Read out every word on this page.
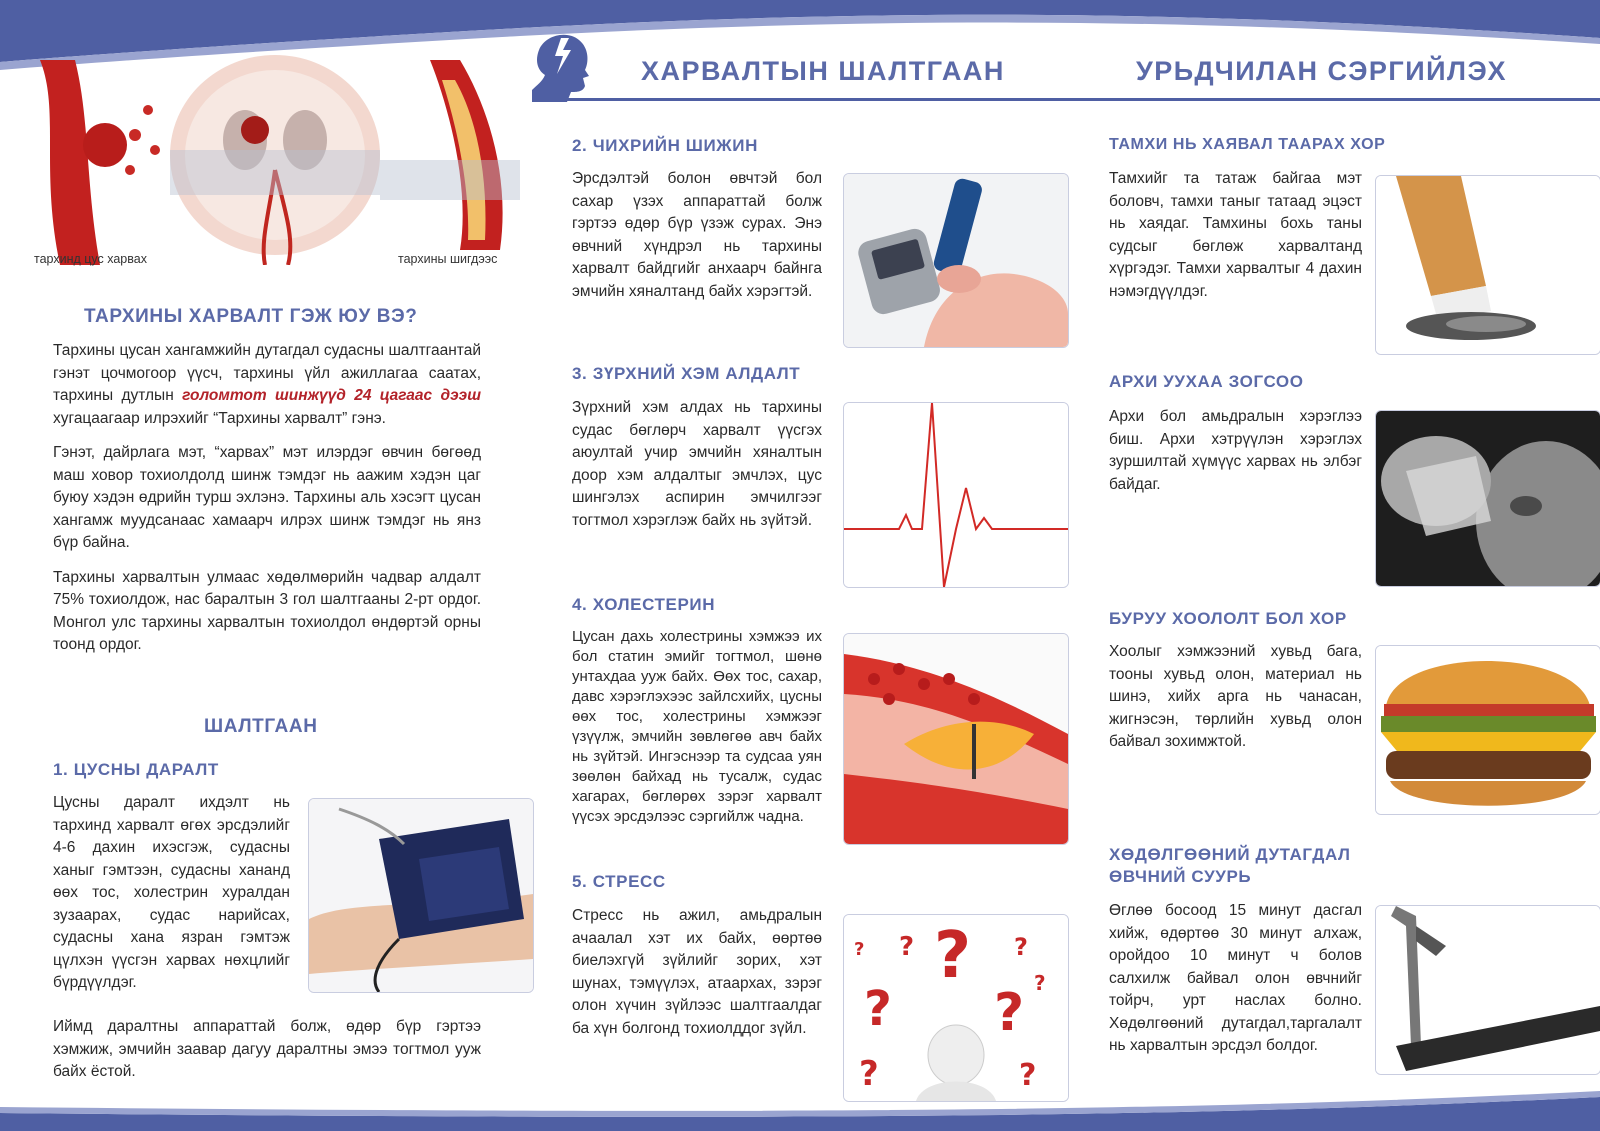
тархинд цус харвах	тархины шигдээс
ТАРХИНЫ ХАРВАЛТ ГЭЖ ЮУ ВЭ?

Тархины цусан хангамжийн дутагдал судасны шалтгаантай гэнэт цочмогоор үүсч, тархины үйл ажиллагаа саатах, тархины дутлын голомтот шинжүүд 24 цагаас дээш хугацаагаар илрэхийг “Тархины харвалт” гэнэ.

Гэнэт, дайрлага мэт, “харвах” мэт илэрдэг өвчин бөгөөд маш ховор тохиолдолд шинж тэмдэг нь аажим хэдэн цаг буюу хэдэн өдрийн турш эхлэнэ. Тархины аль хэсэгт цусан хангамж муудсанаас хамаарч илрэх шинж тэмдэг нь янз бүр байна.

Тархины харвалтын улмаас хөдөлмөрийн чадвар алдалт 75% тохиолдож, нас баралтын 3 гол шалтгааны 2-рт ордог. Монгол улс тархины харвалтын тохиолдол өндөртэй орны тоонд ордог.

ШАЛТГААН
1. ЦУСНЫ ДАРАЛТ
Цусны даралт ихдэлт нь тархинд харвалт өгөх эрсдэлийг 4-6 дахин ихэсгэж, судасны ханыг гэмтээн, судасны хананд өөх тос, холестрин хуралдан зузаарах, судас нарийсах, судасны хана язран гэмтэж цүлхэн үүсгэн харвах нөхцлийг бүрдүүлдэг.
Иймд даралтны аппараттай болж, өдөр бүр гэртээ хэмжиж, эмчийн заавар дагуу даралтны эмээ тогтмол ууж байх ёстой.
ХАРВАЛТЫН ШАЛТГААН
2. ЧИХРИЙН ШИЖИН
Эрсдэлтэй болон өвчтэй бол сахар үзэх аппараттай болж гэртээ өдөр бүр үзэж сурах. Энэ өвчний хүндрэл нь тархины харвалт байдгийг анхаарч байнга эмчийн хяналтанд байх хэрэгтэй.
3. ЗҮРХНИЙ ХЭМ АЛДАЛТ
Зүрхний хэм алдах нь тархины судас бөглөрч харвалт үүсгэх аюултай учир эмчийн хяналтын доор хэм алдалтыг эмчлэх, цус шингэлэх аспирин эмчилгээг тогтмол хэрэглэж байх нь зүйтэй.
4. ХОЛЕСТЕРИН
Цусан дахь холестрины хэмжээ их бол статин эмийг тогтмол, шөнө унтахдаа ууж байх. Өөх тос, сахар, давс хэрэглэхээс зайлсхийх, цусны өөх тос, холестрины хэмжээг үзүүлж, эмчийн зөвлөгөө авч байх нь зүйтэй. Ингэснээр та судсаа уян зөөлөн байхад нь тусалж, судас хагарах, бөглөрөх зэрэг харвалт үүсэх эрсдэлээс сэргийлж чадна.
5. СТРЕСС
Стресс нь ажил, амьдралын ачаалал хэт их байх, өөртөө биелэхгүй зүйлийг зорих, хэт шунах, тэмүүлэх, атаархах, зэрэг олон хүчин зүйлээс шалтгаалдаг ба хүн болгонд тохиолддог зүйл.
?
? ?
?	?
?
?
?	?
УРЬДЧИЛАН СЭРГИЙЛЭХ
ТАМХИ НЬ ХАЯВАЛ ТААРАХ ХОР
Тамхийг та татаж байгаа мэт боловч, тамхи таныг татаад эцэст нь хаядаг. Тамхины бохь таны судсыг бөглөж харвалтанд хүргэдэг. Тамхи харвалтыг 4 дахин нэмэгдүүлдэг.
АРХИ УУХАА ЗОГСОО
Архи бол амьдралын хэрэглээ биш. Архи хэтрүүлэн хэрэглэх зуршилтай хүмүүс харвах нь элбэг байдаг.
БУРУУ ХООЛОЛТ БОЛ ХОР
Хоолыг хэмжээний хувьд бага, тооны хувьд олон, материал нь шинэ, хийх арга нь чанасан, жигнэсэн, төрлийн хувьд олон байвал зохимжтой.
ХӨДӨЛГӨӨНИЙ ДУТАГДАЛ
ӨВЧНИЙ СУУРЬ
Өглөө босоод 15 минут дасгал хийж, өдөртөө 30 минут алхаж, оройдоо 10 минут ч болов салхилж байвал олон өвчнийг тойрч, урт наслах болно. Хөдөлгөөний дутагдал,таргалалт нь харвалтын эрсдэл болдог.
